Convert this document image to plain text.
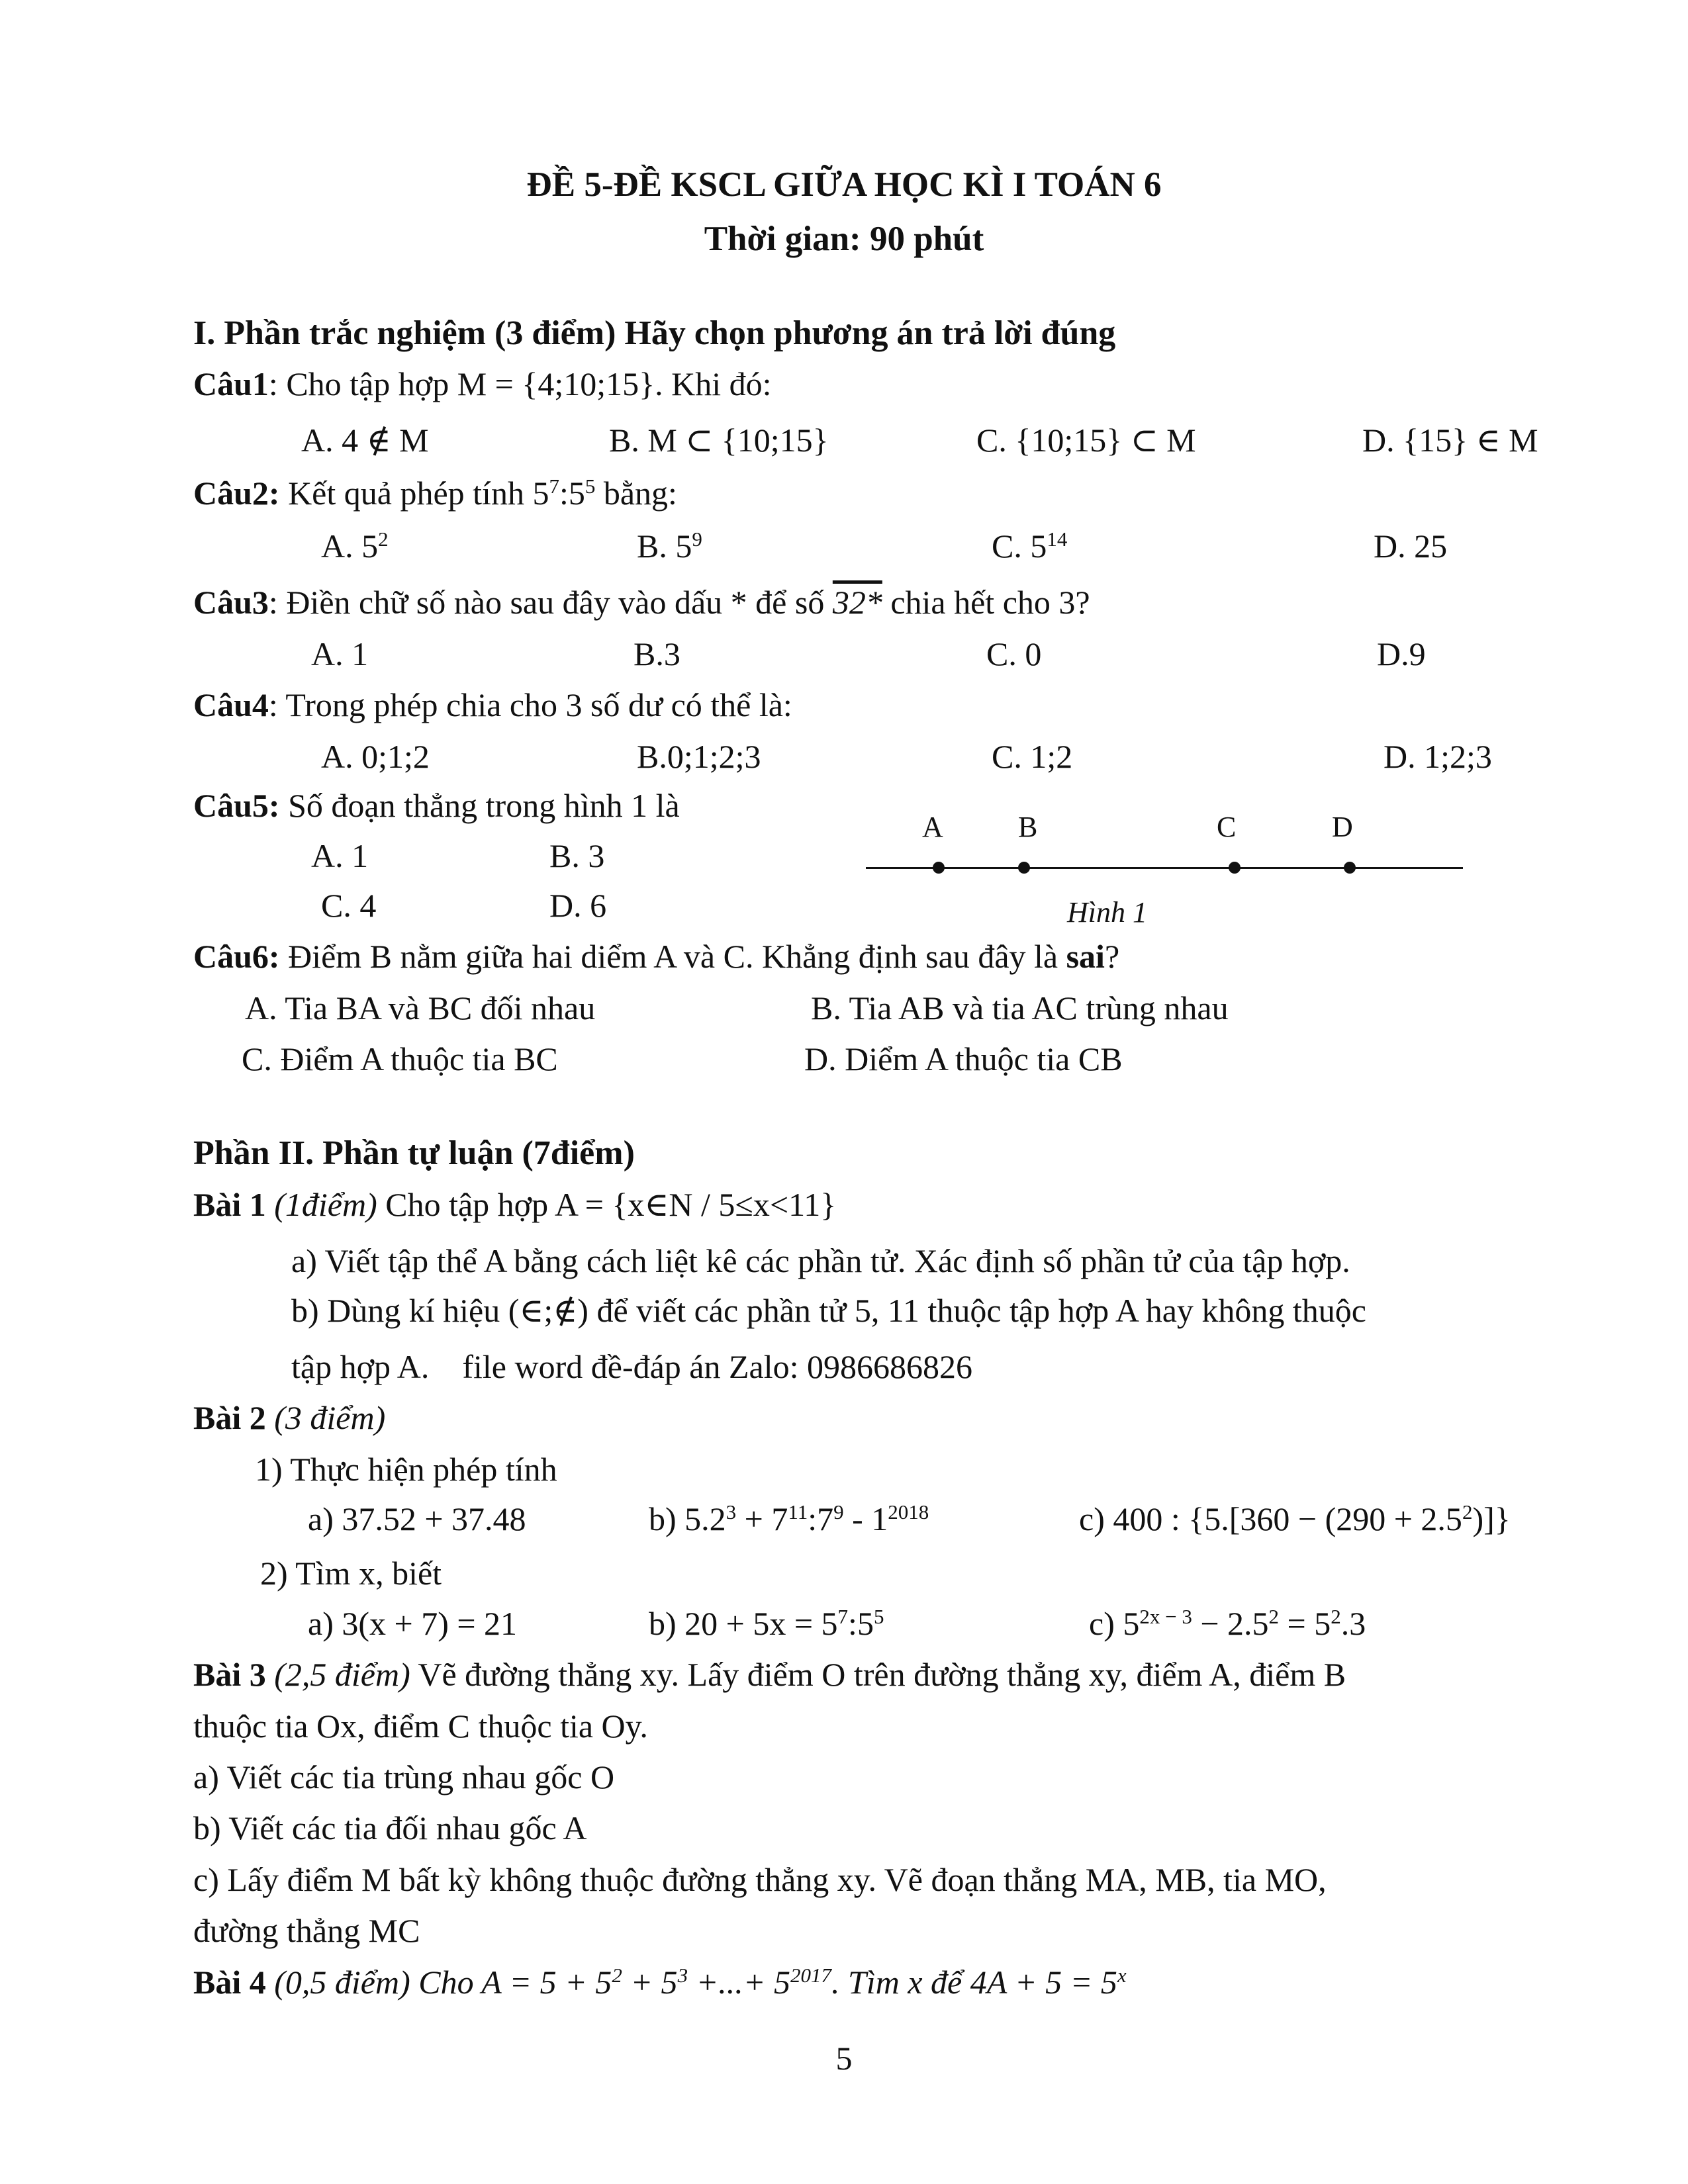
ĐỀ 5-ĐỀ KSCL GIỮA HỌC KÌ I TOÁN 6
Thời gian: 90 phút
I. Phần trắc nghiệm (3 điểm) Hãy chọn phương án trả lời đúng
Câu1: Cho tập hợp M = {4;10;15}. Khi đó:
A. 4 ∉ M	B. M ⊂ {10;15}	C. {10;15} ⊂ M	D. {15} ∈ M
Câu2: Kết quả phép tính $5^7:5^5$ bằng:
A. $5^2$	B. $5^9$	C. $5^{14}$	D. 25
Câu3: Điền chữ số nào sau đây vào dấu * để số 32* chia hết cho 3?
A. 1	B.3	C. 0	D.9
Câu4: Trong phép chia cho 3 số dư có thể là:
A. 0;1;2	B.0;1;2;3	C. 1;2	D. 1;2;3
Câu5: Số đoạn thẳng trong hình 1 là
A. 1	B. 3
C. 4	D. 6
A	B	C	D
Hình 1
Câu6: Điểm B nằm giữa hai diểm A và C. Khẳng định sau đây là sai?
A. Tia BA và BC đối nhau	B. Tia AB và tia AC trùng nhau
C. Điểm A thuộc tia BC	D. Diểm A thuộc tia CB
Phần II. Phần tự luận (7điểm)
Bài 1 (1điểm) Cho tập hợp A = {x∈N / 5≤x<11}
a) Viết tập thể A bằng cách liệt kê các phần tử. Xác định số phần tử của tập hợp.
b) Dùng kí hiệu (∈;∉) để viết các phần tử 5, 11 thuộc tập hợp A hay không thuộc
tập hợp A. file word đề-đáp án Zalo: 0986686826
Bài 2 (3 điểm)
1) Thực hiện phép tính
a) 37.52 + 37.48	b) $5.2^3$ + $7^{11}:7^9 - 1^{2018}$	c) 400 : $\{5.[360 - (290 + 2.5^2)]\}$
2) Tìm x, biết
a) 3(x + 7) = 21	b) $20 + 5x = 5^7:5^5$	c) $5^{2x - 3} - 2.5^2 = 5^2.3$
Bài 3 (2,5 điểm) Vẽ đường thẳng xy. Lấy điểm O trên đường thẳng xy, điểm A, điểm B
thuộc tia Ox, điểm C thuộc tia Oy.
a) Viết các tia trùng nhau gốc O
b) Viết các tia đối nhau gốc A
c) Lấy điểm M bất kỳ không thuộc đường thẳng xy. Vẽ đoạn thẳng MA, MB, tia MO,
đường thẳng MC
Bài 4 (0,5 điểm) Cho $A = 5 + 5^2 + 5^3$ +...+ $5^{2017}$. Tìm x để $4A + 5 = 5^x$
5
